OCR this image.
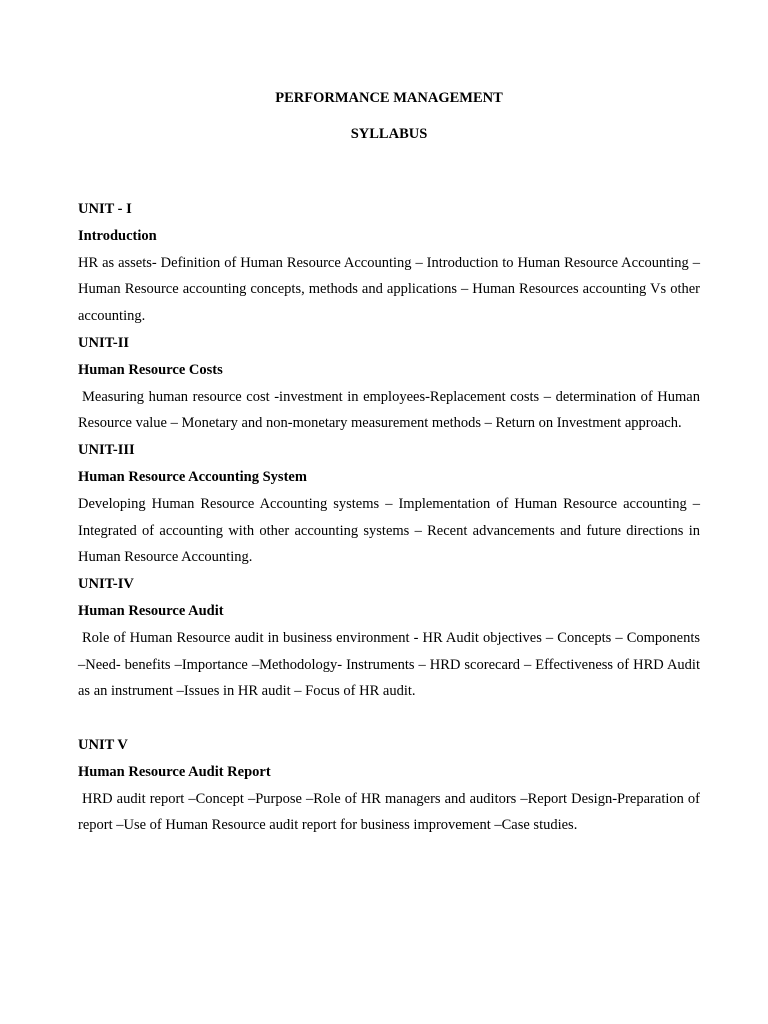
PERFORMANCE MANAGEMENT

SYLLABUS

UNIT - I

Introduction

HR as assets- Definition of Human Resource Accounting – Introduction to Human Resource Accounting – Human Resource accounting concepts, methods and applications – Human Resources accounting Vs other accounting.

UNIT-II

Human Resource Costs

Measuring human resource cost -investment in employees-Replacement costs – determination of Human Resource value – Monetary and non-monetary measurement methods – Return on Investment approach.

UNIT-III

Human Resource Accounting System

Developing Human Resource Accounting systems – Implementation of Human Resource accounting – Integrated of accounting with other accounting systems – Recent advancements and future directions in Human Resource Accounting.

UNIT-IV

Human Resource Audit

Role of Human Resource audit in business environment - HR Audit objectives – Concepts – Components –Need- benefits –Importance –Methodology- Instruments – HRD scorecard – Effectiveness of HRD Audit as an instrument –Issues in HR audit – Focus of HR audit.

UNIT V

Human Resource Audit Report

HRD audit report –Concept –Purpose –Role of HR managers and auditors –Report Design-Preparation of report –Use of Human Resource audit report for business improvement –Case studies.
